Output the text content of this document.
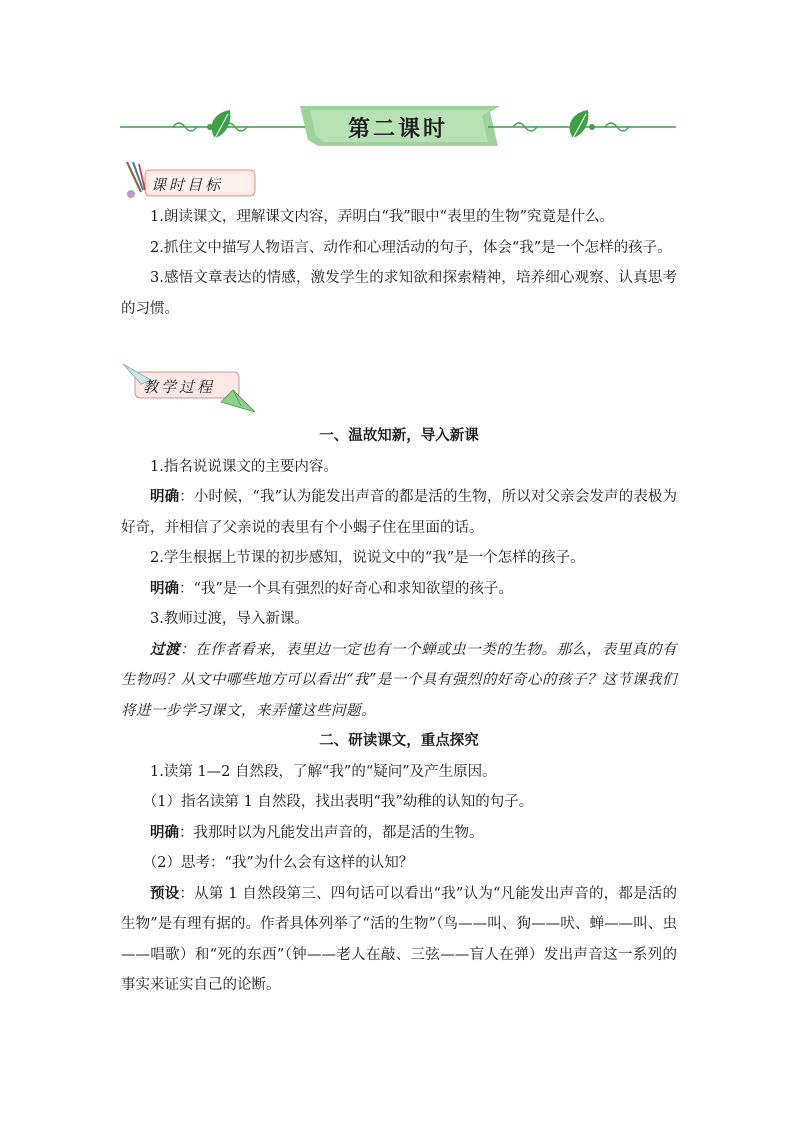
第二课时
课时目标

1.朗读课文，理解课文内容，弄明白“我”眼中“表里的生物”究竟是什么。

2.抓住文中描写人物语言、动作和心理活动的句子，体会“我”是一个怎样的孩子。

3.感悟文章表达的情感，激发学生的求知欲和探索精神，培养细心观察、认真思考的习惯。

教学过程

一、温故知新，导入新课

1.指名说说课文的主要内容。

明确：小时候，“我”认为能发出声音的都是活的生物，所以对父亲会发声的表极为好奇，并相信了父亲说的表里有个小蝎子住在里面的话。

2.学生根据上节课的初步感知，说说文中的“我”是一个怎样的孩子。

明确：“我”是一个具有强烈的好奇心和求知欲望的孩子。

3.教师过渡，导入新课。

过渡：在作者看来，表里边一定也有一个蝉或虫一类的生物。那么，表里真的有生物吗？从文中哪些地方可以看出“我”是一个具有强烈的好奇心的孩子？这节课我们将进一步学习课文，来弄懂这些问题。

二、研读课文，重点探究

1.读第 1—2 自然段，了解“我”的“疑问”及产生原因。

（1）指名读第 1 自然段，找出表明“我”幼稚的认知的句子。

明确：我那时以为凡能发出声音的，都是活的生物。

（2）思考：“我”为什么会有这样的认知？

预设：从第 1 自然段第三、四句话可以看出“我”认为“凡能发出声音的，都是活的生物”是有理有据的。作者具体列举了“活的生物”（鸟——叫、狗——吠、蝉——叫、虫——唱歌）和“死的东西”（钟——老人在敲、三弦——盲人在弹）发出声音这一系列的事实来证实自己的论断。
